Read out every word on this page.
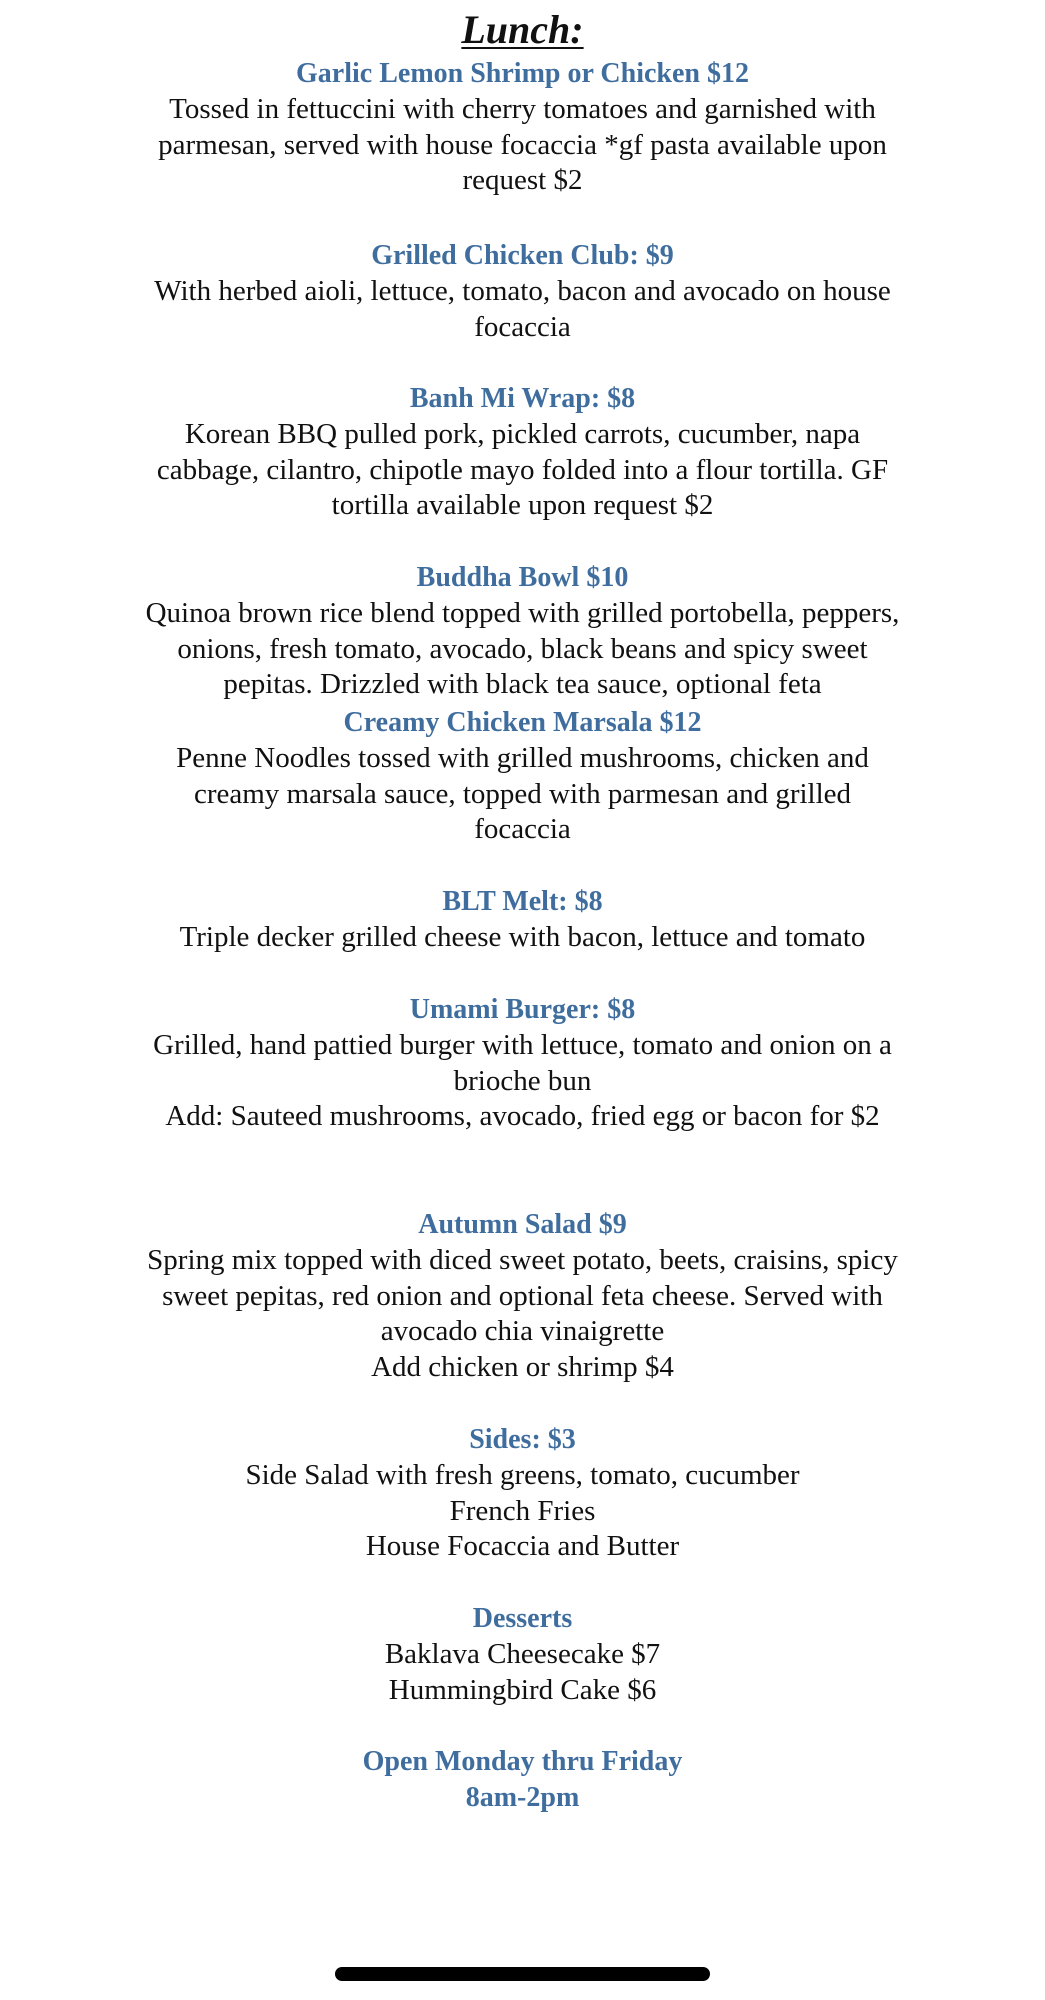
Lunch:
Garlic Lemon Shrimp or Chicken $12
Tossed in fettuccini with cherry tomatoes and garnished with
parmesan, served with house focaccia *gf pasta available upon
request $2
Grilled Chicken Club: $9
With herbed aioli, lettuce, tomato, bacon and avocado on house
focaccia
Banh Mi Wrap: $8
Korean BBQ pulled pork, pickled carrots, cucumber, napa
cabbage, cilantro, chipotle mayo folded into a flour tortilla. GF
tortilla available upon request $2
Buddha Bowl $10
Quinoa brown rice blend topped with grilled portobella, peppers,
onions, fresh tomato, avocado, black beans and spicy sweet
pepitas. Drizzled with black tea sauce, optional feta
Creamy Chicken Marsala $12
Penne Noodles tossed with grilled mushrooms, chicken and
creamy marsala sauce, topped with parmesan and grilled
focaccia
BLT Melt: $8
Triple decker grilled cheese with bacon, lettuce and tomato
Umami Burger: $8
Grilled, hand pattied burger with lettuce, tomato and onion on a
brioche bun
Add: Sauteed mushrooms, avocado, fried egg or bacon for $2
Autumn Salad $9
Spring mix topped with diced sweet potato, beets, craisins, spicy
sweet pepitas, red onion and optional feta cheese. Served with
avocado chia vinaigrette
Add chicken or shrimp $4
Sides: $3
Side Salad with fresh greens, tomato, cucumber
French Fries
House Focaccia and Butter
Desserts
Baklava Cheesecake $7
Hummingbird Cake $6
Open Monday thru Friday
8am-2pm
